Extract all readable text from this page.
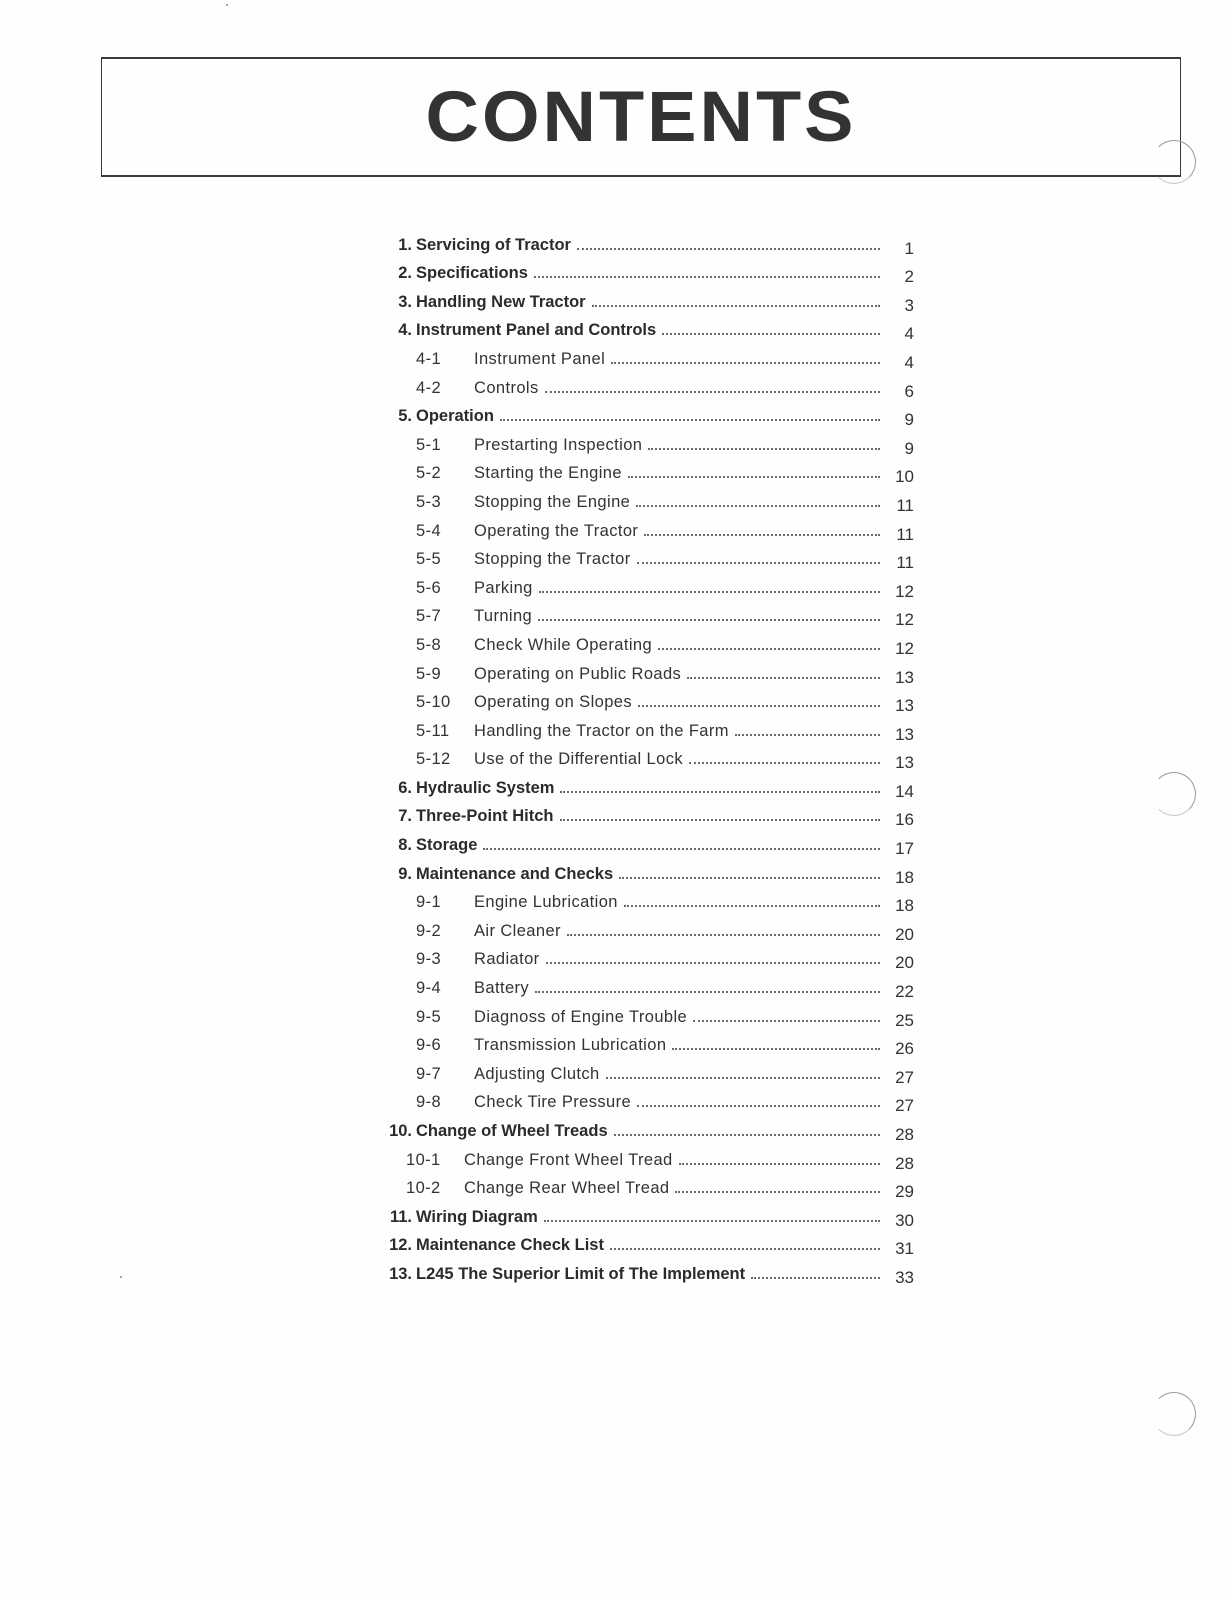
CONTENTS
1. Servicing of Tractor	1
2. Specifications	2
3. Handling New Tractor	3
4. Instrument Panel and Controls	4
4-1	Instrument Panel	4
4-2	Controls	6
5. Operation	9
5-1	Prestarting Inspection	9
5-2	Starting the Engine	10
5-3	Stopping the Engine	11
5-4	Operating the Tractor	11
5-5	Stopping the Tractor	11
5-6	Parking	12
5-7	Turning	12
5-8	Check While Operating	12
5-9	Operating on Public Roads	13
5-10	Operating on Slopes	13
5-11	Handling the Tractor on the Farm	13
5-12	Use of the Differential Lock	13
6. Hydraulic System	14
7. Three-Point Hitch	16
8. Storage	17
9. Maintenance and Checks	18
9-1	Engine Lubrication	18
9-2	Air Cleaner	20
9-3	Radiator	20
9-4	Battery	22
9-5	Diagnoss of Engine Trouble	25
9-6	Transmission Lubrication	26
9-7	Adjusting Clutch	27
9-8	Check Tire Pressure	27
10. Change of Wheel Treads	28
10-1	Change Front Wheel Tread	28
10-2	Change Rear Wheel Tread	29
11. Wiring Diagram	30
12. Maintenance Check List	31
13. L245 The Superior Limit of The Implement	33
